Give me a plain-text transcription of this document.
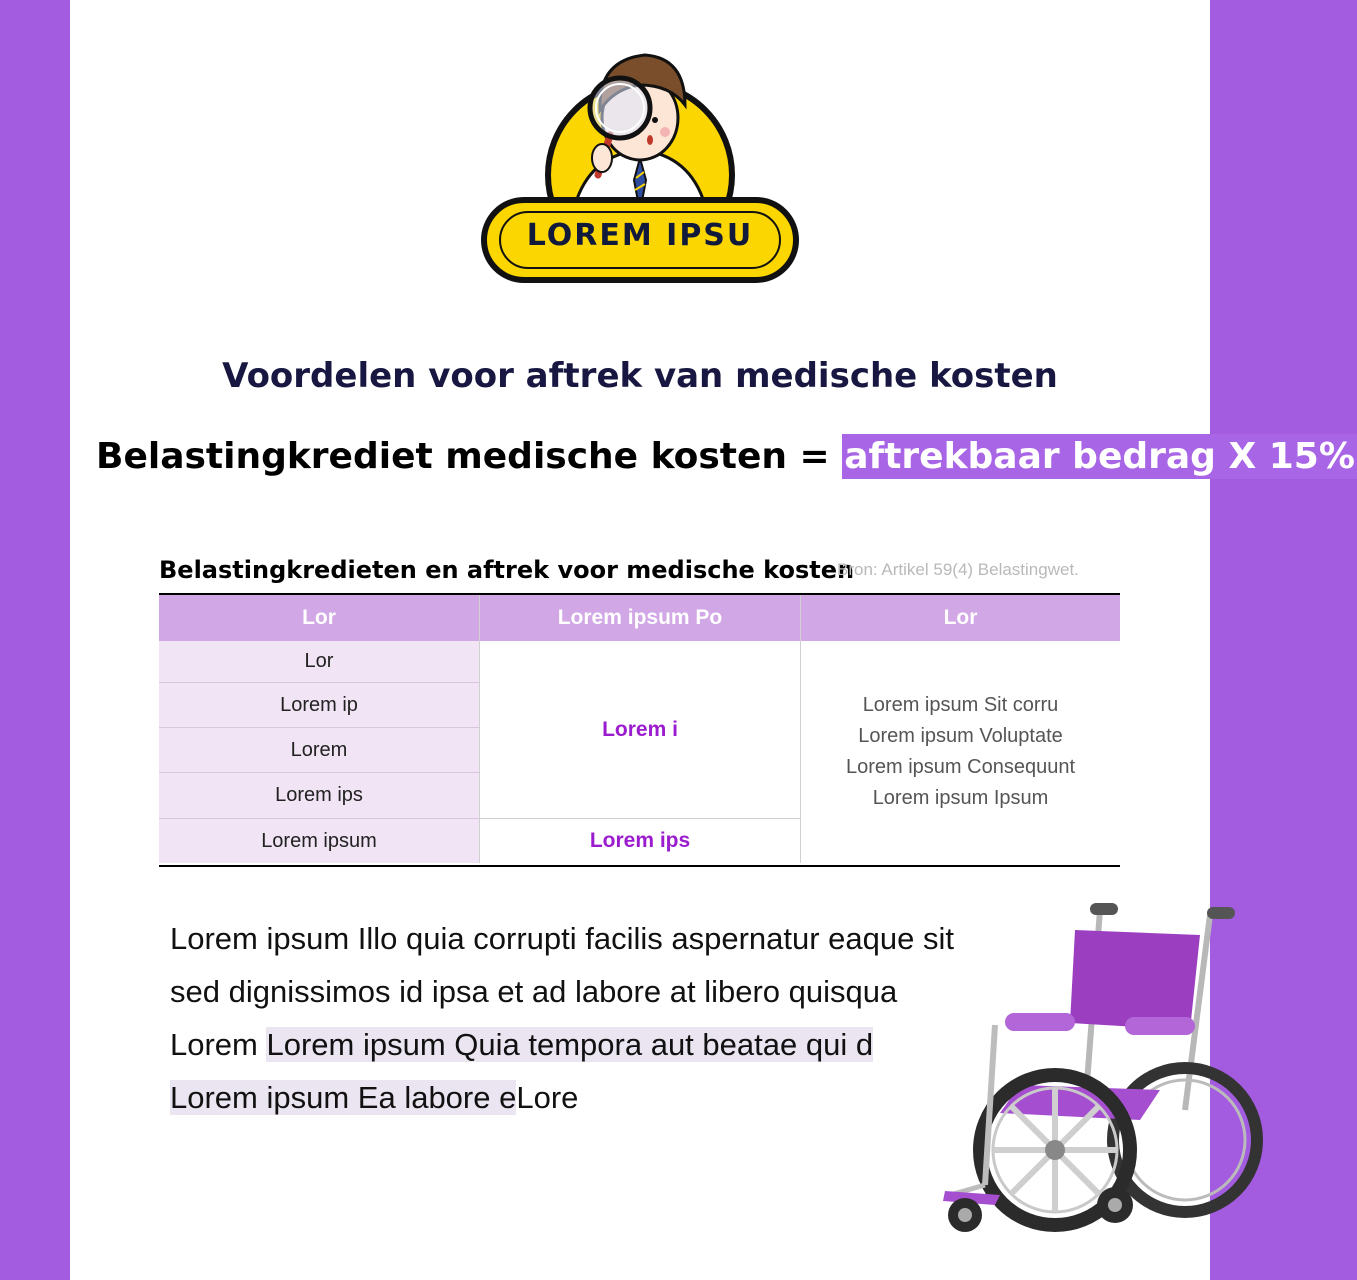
LOREM IPSU
Voordelen voor aftrek van medische kosten
Belastingkrediet medische kosten = aftrekbaar bedrag X 15%
Belastingkredieten en aftrek voor medische kosten
Bron: Artikel 59(4) Belastingwet.
Lor	Lorem ipsum Po	Lor
Lor
Lorem ip
Lorem
Lorem ips
Lorem ipsum
Lorem i
Lorem ips
Lorem ipsum Sit corru
Lorem ipsum Voluptate
Lorem ipsum Consequunt
Lorem ipsum Ipsum
Lorem ipsum Illo quia corrupti facilis aspernatur eaque sit
sed dignissimos id ipsa et ad labore at libero quisqua
Lorem Lorem ipsum Quia tempora aut beatae qui d
Lorem ipsum Ea labore eLore
